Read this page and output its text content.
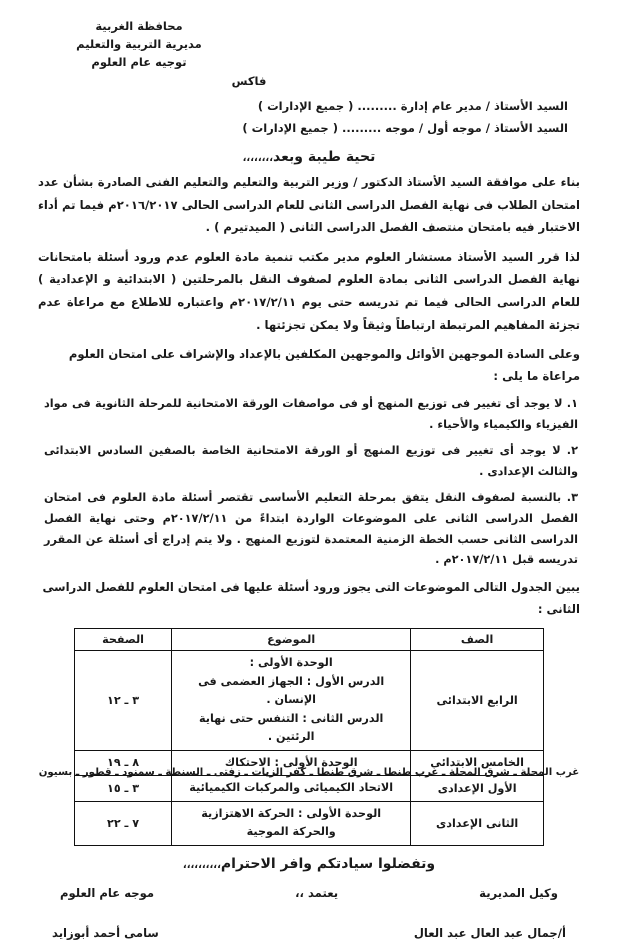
محافظة الغربية
مديرية التربية والتعليم
توجيه عام العلوم
فاكس
السيد الأستاذ / مدير عام إدارة ......... ( جميع الإدارات )
السيد الأستاذ / موجه أول / موجه ......... ( جميع الإدارات )
تحية طيبة وبعد،،،،،،،،
بناء على موافقة السيد الأستاذ الدكتور / وزير التربية والتعليم والتعليم الفنى الصادرة بشأن عدد امتحان الطلاب فى نهاية الفصل الدراسى الثانى للعام الدراسى الحالى ٢٠١٦/٢٠١٧م فيما تم أداء الاختبار فيه بامتحان منتصف الفصل الدراسى الثانى ( الميدتيرم ) .
لذا قرر السيد الأستاذ مستشار العلوم مدير مكتب تنمية مادة العلوم عدم ورود أسئلة بامتحانات نهاية الفصل الدراسى الثانى بمادة العلوم لصفوف النقل بالمرحلتين ( الابتدائية و الإعدادية ) للعام الدراسى الحالى فيما تم تدريسه حتى يوم ٢٠١٧/٢/١١م واعتباره للاطلاع مع مراعاة عدم تجزئة المفاهيم المرتبطة ارتباطاً وثيقاً ولا يمكن تجزئتها .
وعلى السادة الموجهين الأوائل والموجهين المكلفين بالإعداد والإشراف على امتحان العلوم مراعاة ما يلى :
١. لا يوجد أى تغيير فى توزيع المنهج أو فى مواصفات الورقة الامتحانية للمرحلة الثانوية فى مواد الفيزياء والكيمياء والأحياء .
٢. لا يوجد أى تغيير فى توزيع المنهج أو الورقة الامتحانية الخاصة بالصفين السادس الابتدائى والثالث الإعدادى .
٣. بالنسبة لصفوف النقل يتفق بمرحلة التعليم الأساسى تقتصر أسئلة مادة العلوم فى امتحان الفصل الدراسى الثانى على الموضوعات الواردة ابتداءً من ٢٠١٧/٢/١١م وحتى نهاية الفصل الدراسى الثانى حسب الخطة الزمنية المعتمدة لتوزيع المنهج . ولا يتم إدراج أى أسئلة عن المقرر تدريسه قبل ٢٠١٧/٢/١١م .
يبين الجدول التالى الموضوعات التى يجوز ورود أسئلة عليها فى امتحان العلوم للفصل الدراسى الثانى :
الصف	الموضوع	الصفحة
الرابع الابتدائى	الوحدة الأولى :
الدرس الأول : الجهاز العضمى فى الإنسان .
الدرس الثانى : التنفس حتى نهاية الرئتين .	٣ ـ ١٢
الخامس الابتدائى	الوحدة الأولى : الاحتكاك	٨ ـ ١٩
الأول الإعدادى	الاتحاد الكيميائى والمركبات الكيميائية	٣ ـ ١٥
الثانى الإعدادى	الوحدة الأولى : الحركة الاهتزازية والحركة الموجية	٧ ـ ٢٢
وتفضلوا سيادتكم وافر الاحترام،،،،،،،،،،
وكيل المديرية
يعتمد ،،
موجه عام العلوم
أ/جمال عبد العال عبد العال
سامى أحمد أبوزايد
غرب المحلة ـ شرق المحلة ـ غرب طنطا ـ شرق طنطا ـ كفر الزيات ـ زفتى ـ السنطة ـ سمنود ـ قطور ـ بسيون
